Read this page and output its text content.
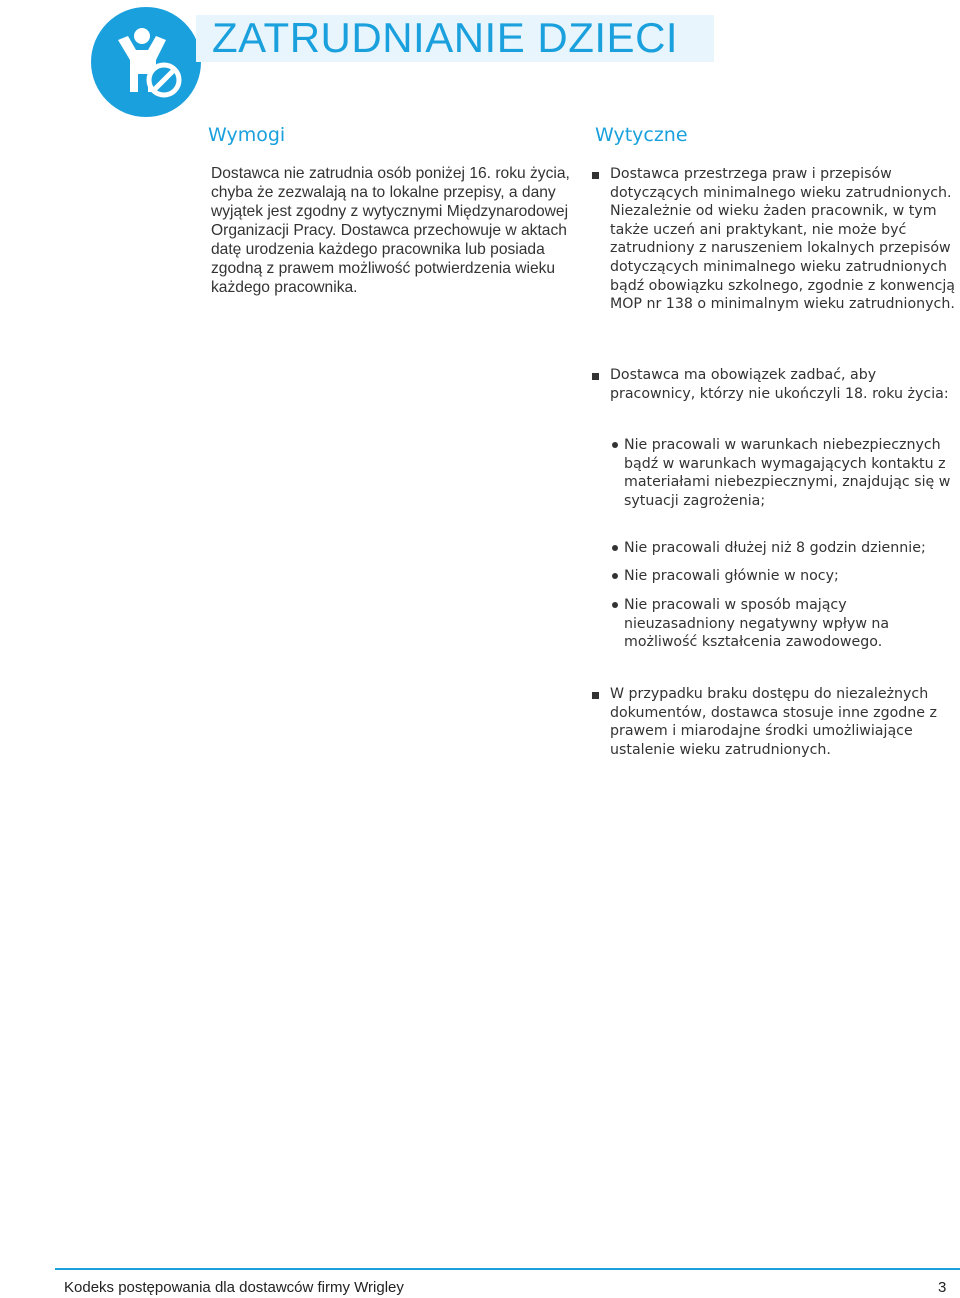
ZATRUDNIANIE DZIECI
Wymogi

Dostawca nie zatrudnia osób poniżej 16. roku życia, chyba że zezwalają na to lokalne przepisy, a dany wyjątek jest zgodny z wytycznymi Międzynarodowej Organizacji Pracy. Dostawca przechowuje w aktach datę urodzenia każdego pracownika lub posiada zgodną z prawem możliwość potwierdzenia wieku każdego pracownika.

Wytyczne
Dostawca przestrzega praw i przepisów dotyczących minimalnego wieku zatrudnionych. Niezależnie od wieku żaden pracownik, w tym także uczeń ani praktykant, nie może być zatrudniony z naruszeniem lokalnych przepisów dotyczących minimalnego wieku zatrudnionych bądź obowiązku szkolnego, zgodnie z konwencją MOP nr 138 o minimalnym wieku zatrudnionych.
Dostawca ma obowiązek zadbać, aby pracownicy, którzy nie ukończyli 18. roku życia:
Nie pracowali w warunkach niebezpiecznych bądź w warunkach wymagających kontaktu z materiałami niebezpiecznymi, znajdując się w sytuacji zagrożenia;
Nie pracowali dłużej niż 8 godzin dziennie;
Nie pracowali głównie w nocy;
Nie pracowali w sposób mający nieuzasadniony negatywny wpływ na możliwość kształcenia zawodowego.
W przypadku braku dostępu do niezależnych dokumentów, dostawca stosuje inne zgodne z prawem i miarodajne środki umożliwiające ustalenie wieku zatrudnionych.

Kodeks postępowania dla dostawców firmy Wrigley	3
